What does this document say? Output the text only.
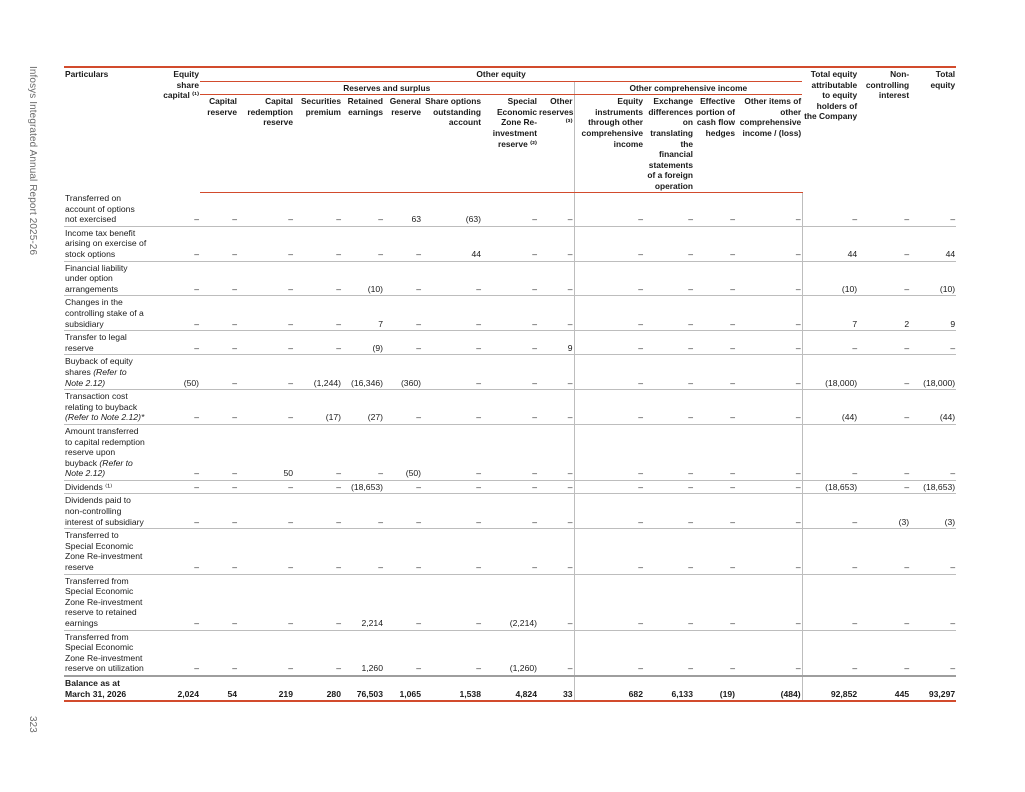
Infosys Integrated Annual Report 2025-26
323
Particulars	Equity share capital ⁽¹⁾	Other equity												Total equity attributable to equity holders of the Company	Non-controlling interest	Total equity
		Reserves and surplus								Other comprehensive income						
		Capital reserve	Capital redemption reserve	Securities premium	Retained earnings	General reserve	Share options outstanding account	Special Economic Zone Re-investment reserve ⁽²⁾	Other reserves ⁽³⁾	Equity instruments through other comprehensive income	Exchange differences on translating the financial statements of a foreign operation	Effective portion of cash flow hedges	Other items of other comprehensive income / (loss)			
Transferred on account of options not exercised	–	–	–	–	–	63	(63)	–	–	–	–	–	–	–	–	–
Income tax benefit arising on exercise of stock options	–	–	–	–	–	–	44	–	–	–	–	–	–	44	–	44
Financial liability under option arrangements	–	–	–	–	(10)	–	–	–	–	–	–	–	–	(10)	–	(10)
Changes in the controlling stake of a subsidiary	–	–	–	–	7	–	–	–	–	–	–	–	–	7	2	9
Transfer to legal reserve	–	–	–	–	(9)	–	–	–	9	–	–	–	–	–	–	–
Buyback of equity shares (Refer to Note 2.12)	(50)	–	–	(1,244)	(16,346)	(360)	–	–	–	–	–	–	–	(18,000)	–	(18,000)
Transaction cost relating to buyback (Refer to Note 2.12)*	–	–	–	(17)	(27)	–	–	–	–	–	–	–	–	(44)	–	(44)
Amount transferred to capital redemption reserve upon buyback (Refer to Note 2.12)	–	–	50	–	–	(50)	–	–	–	–	–	–	–	–	–	–
Dividends ⁽¹⁾	–	–	–	–	(18,653)	–	–	–	–	–	–	–	–	(18,653)	–	(18,653)
Dividends paid to non-controlling interest of subsidiary	–	–	–	–	–	–	–	–	–	–	–	–	–	–	(3)	(3)
Transferred to Special Economic Zone Re-investment reserve	–	–	–	–	–	–	–	–	–	–	–	–	–	–	–	–
Transferred from Special Economic Zone Re-investment reserve to retained earnings	–	–	–	–	2,214	–	–	(2,214)	–	–	–	–	–	–	–	–
Transferred from Special Economic Zone Re-investment reserve on utilization	–	–	–	–	1,260	–	–	(1,260)	–	–	–	–	–	–	–	–
Balance as at March 31, 2026	2,024	54	219	280	76,503	1,065	1,538	4,824	33	682	6,133	(19)	(484)	92,852	445	93,297
